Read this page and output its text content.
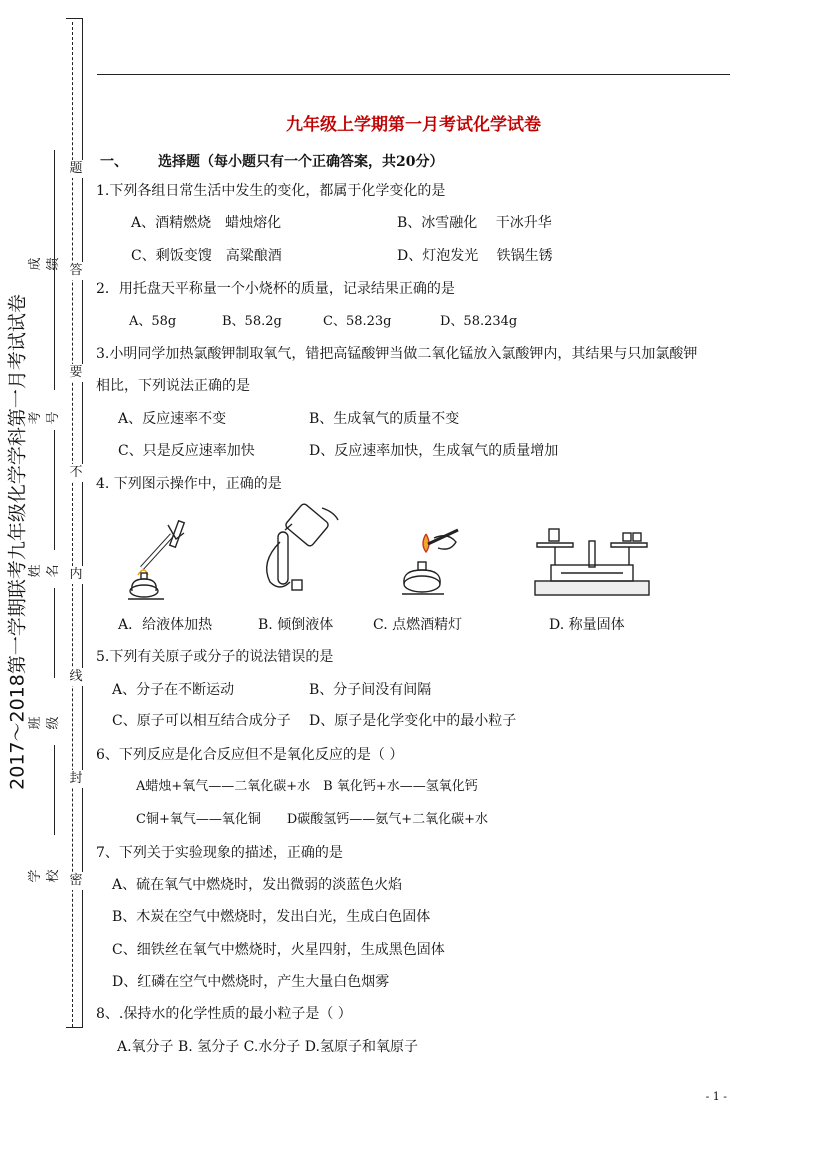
2017～2018第一学期联考九年级化学学科第一月考试试卷
成绩
考号
姓名
班级
学校
题
答
要
不
内
线
封
密
九年级上学期第一月考试化学试卷
一、 选择题（每小题只有一个正确答案，共20分）
1.下列各组日常生活中发生的变化，都属于化学变化的是
A、酒精燃烧　蜡烛熔化	B、冰雪融化　 干冰升华
C、剩饭变馊　高粱酿酒	D、灯泡发光　 铁锅生锈
2．用托盘天平称量一个小烧杯的质量，记录结果正确的是
A、58g	B、58.2g	C、58.23g	D、58.234g
3.小明同学加热氯酸钾制取氧气，错把高锰酸钾当做二氧化锰放入氯酸钾内，其结果与只加氯酸钾
相比，下列说法正确的是
A、反应速率不变	B、生成氧气的质量不变
C、只是反应速率加快	D、反应速率加快，生成氧气的质量增加
4. 下列图示操作中，正确的是
A．给液体加热	B. 倾倒液体	C. 点燃酒精灯	D. 称量固体
5.下列有关原子或分子的说法错误的是
A、分子在不断运动	B、分子间没有间隔
C、原子可以相互结合成分子 D、原子是化学变化中的最小粒子
6、下列反应是化合反应但不是氧化反应的是（ ）
A蜡烛+氧气——二氧化碳+水　B 氧化钙+水——氢氧化钙
C铜+氧气——氧化铜　　D碳酸氢钙——氨气+二氧化碳+水
7、下列关于实验现象的描述，正确的是
A、硫在氧气中燃烧时，发出微弱的淡蓝色火焰
B、木炭在空气中燃烧时，发出白光，生成白色固体
C、细铁丝在氧气中燃烧时，火星四射，生成黑色固体
D、红磷在空气中燃烧时，产生大量白色烟雾
8、.保持水的化学性质的最小粒子是（ ）
A.氧分子 B. 氢分子 C.水分子 D.氢原子和氧原子
- 1 -
